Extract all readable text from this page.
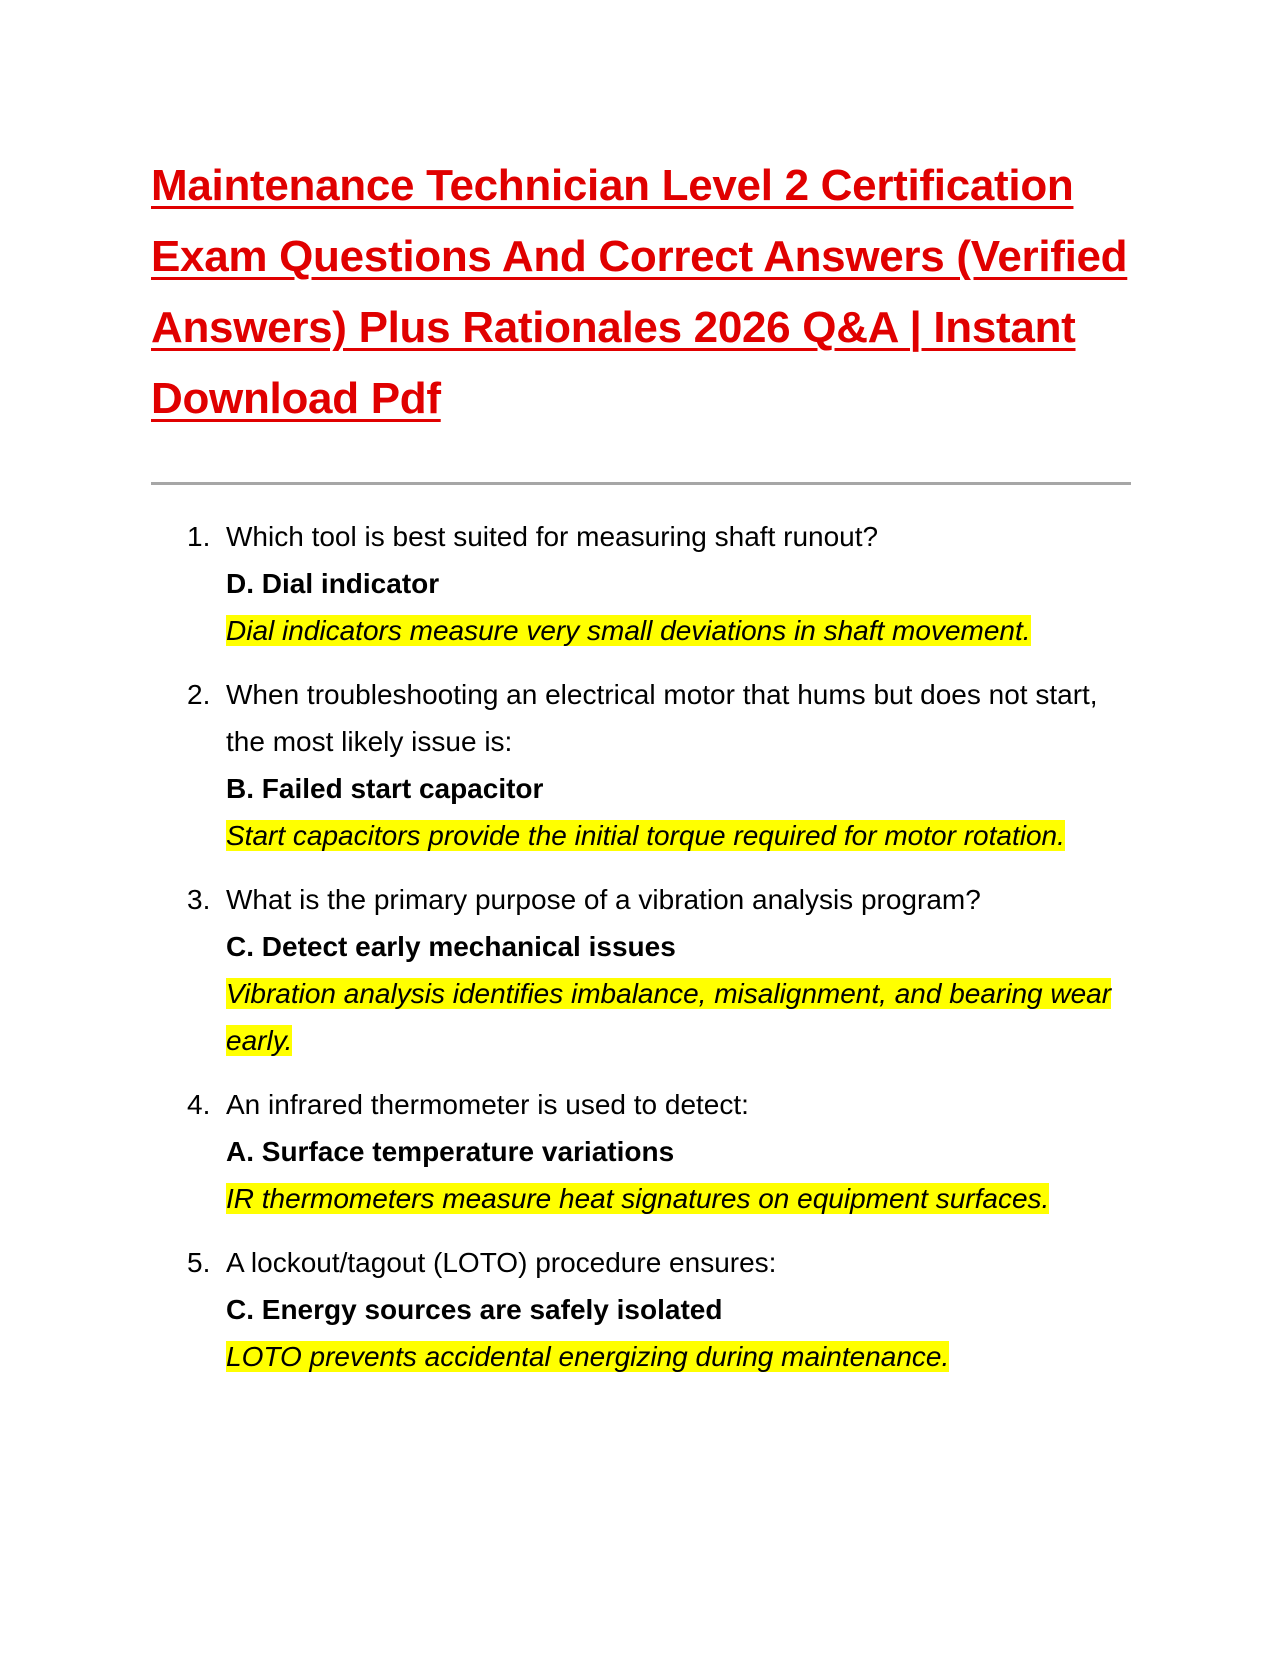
Maintenance Technician Level 2 Certification Exam Questions And Correct Answers (Verified Answers) Plus Rationales 2026 Q&A | Instant Download Pdf
1. Which tool is best suited for measuring shaft runout?
D. Dial indicator
Dial indicators measure very small deviations in shaft movement.
2. When troubleshooting an electrical motor that hums but does not start, the most likely issue is:
B. Failed start capacitor
Start capacitors provide the initial torque required for motor rotation.
3. What is the primary purpose of a vibration analysis program?
C. Detect early mechanical issues
Vibration analysis identifies imbalance, misalignment, and bearing wear early.
4. An infrared thermometer is used to detect:
A. Surface temperature variations
IR thermometers measure heat signatures on equipment surfaces.
5. A lockout/tagout (LOTO) procedure ensures:
C. Energy sources are safely isolated
LOTO prevents accidental energizing during maintenance.
